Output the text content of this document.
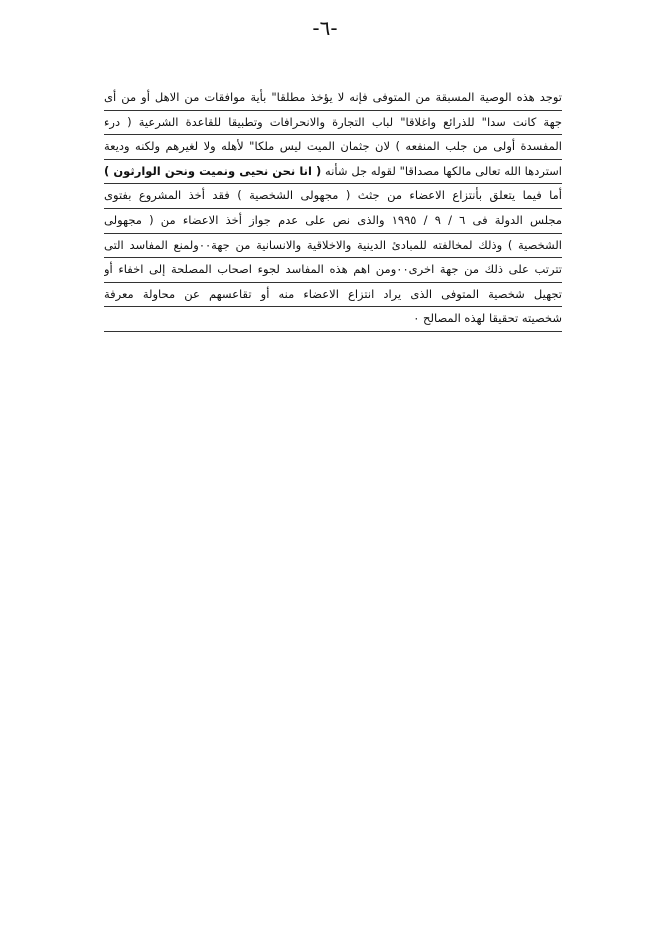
-٦-
توجد هذه الوصية المسبقة من المتوفى فإنه لا يؤخذ مطلقا" بأية موافقات من الاهل أو من أى
جهة كانت سدا" للذرائع واغلاقا" لباب التجارة والانحرافات وتطبيقا للقاعدة الشرعية ( درء
المفسدة أولى من جلب المنفعه ) لان جثمان الميت ليس ملكا" لأهله ولا لغيرهم ولكنه وديعة
استردها الله تعالى مالكها مصداقا" لقوله جل شأنه ( انا نحن نحيى ونميت ونحن الوارثون )
أما فيما يتعلق بأنتزاع الاعضاء من جثث ( مجهولى الشخصية ) فقد أخذ المشروع بفتوى
مجلس الدولة فى ٦ / ٩ / ١٩٩٥ والذى نص على عدم جواز أخذ الاعضاء من ( مجهولى
الشخصية ) وذلك لمخالفته للمبادئ الدينية والاخلاقية والانسانية من جهة٠٠ولمنع المفاسد التى
تترتب على ذلك من جهة اخرى٠٠ومن اهم هذه المفاسد لجوء اصحاب المصلحة إلى اخفاء أو
تجهيل شخصية المتوفى الذى يراد انتزاع الاعضاء منه أو تقاعسهم عن محاولة معرفة
شخصيته تحقيقا لهذه المصالح ٠
